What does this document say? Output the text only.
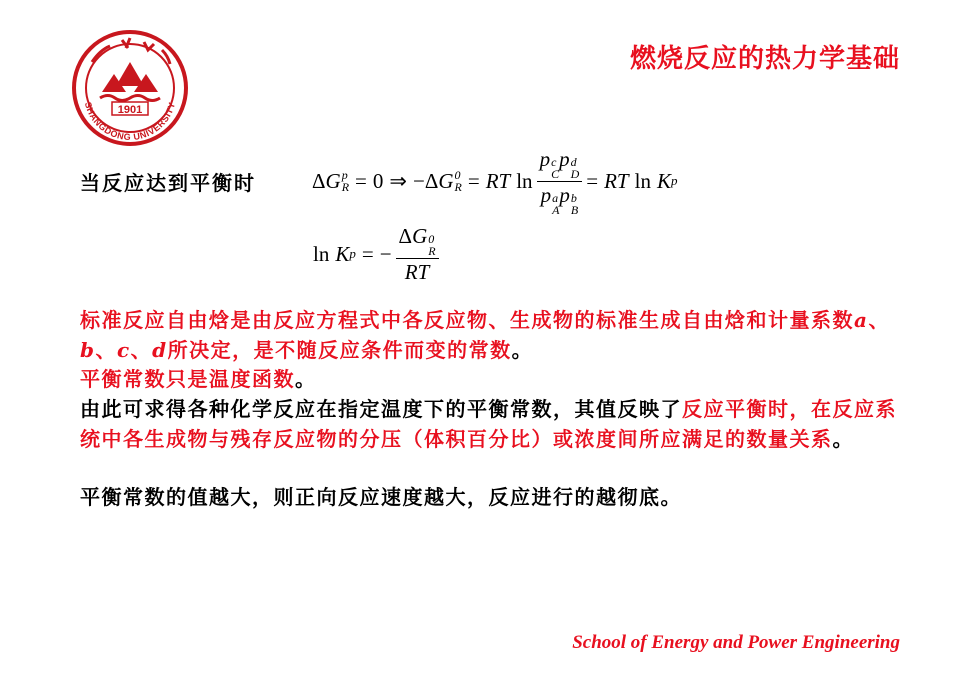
1901
SHANGDONG UNIVERSITY
燃烧反应的热力学基础
当反应达到平衡时	Δ G p
R = 0 ⇒ −Δ G 0
R = RT ln p c
C
p d
D
p a
A
p b
B = RT ln K p
ln K p = − ΔG 0
R
RT
标准反应自由焓是由反应方程式中各反应物、生成物的标准生成自由焓和计量系数a、b、c、d所决定，是不随反应条件而变的常数。
平衡常数只是温度函数。
由此可求得各种化学反应在指定温度下的平衡常数，其值反映了反应平衡时，在反应系统中各生成物与残存反应物的分压（体积百分比）或浓度间所应满足的数量关系。
平衡常数的值越大，则正向反应速度越大，反应进行的越彻底。
School of Energy and Power Engineering
